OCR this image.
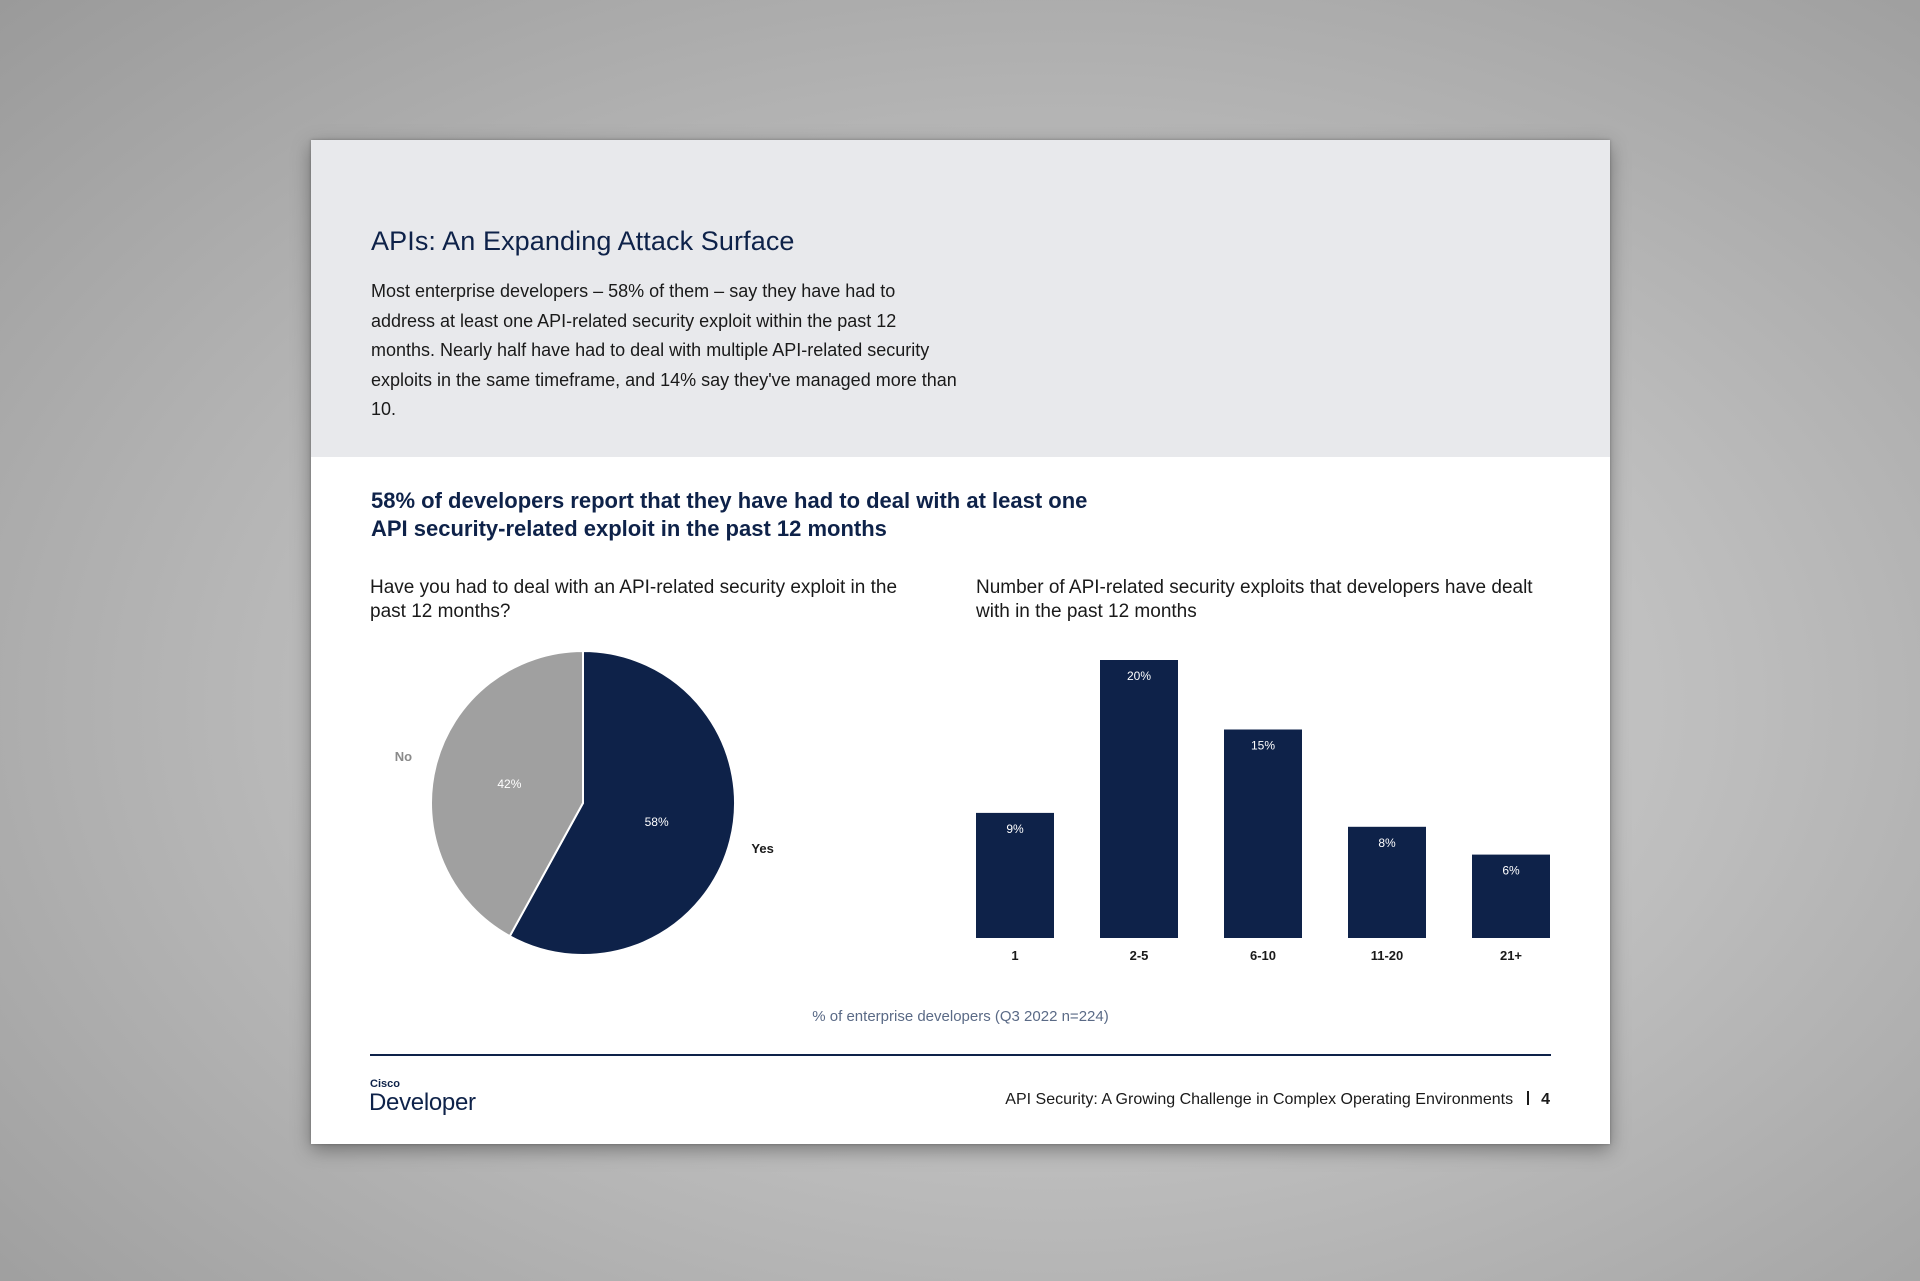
APIs: An Expanding Attack Surface

Most enterprise developers – 58% of them – say they have had to address at least one API-related security exploit within the past 12 months. Nearly half have had to deal with multiple API-related security exploits in the same timeframe, and 14% say they've managed more than 10.

58% of developers report that they have had to deal with at least one API security-related exploit in the past 12 months

Have you had to deal with an API-related security exploit in the past 12 months?

Number of API-related security exploits that developers have dealt with in the past 12 months

58%
Yes
42%
No
9%
1
20%
2-5
15%
6-10
8%
11-20
6%
21+

% of enterprise developers (Q3 2022 n=224)

Cisco

Developer	API Security: A Growing Challenge in Complex Operating Environments 4
